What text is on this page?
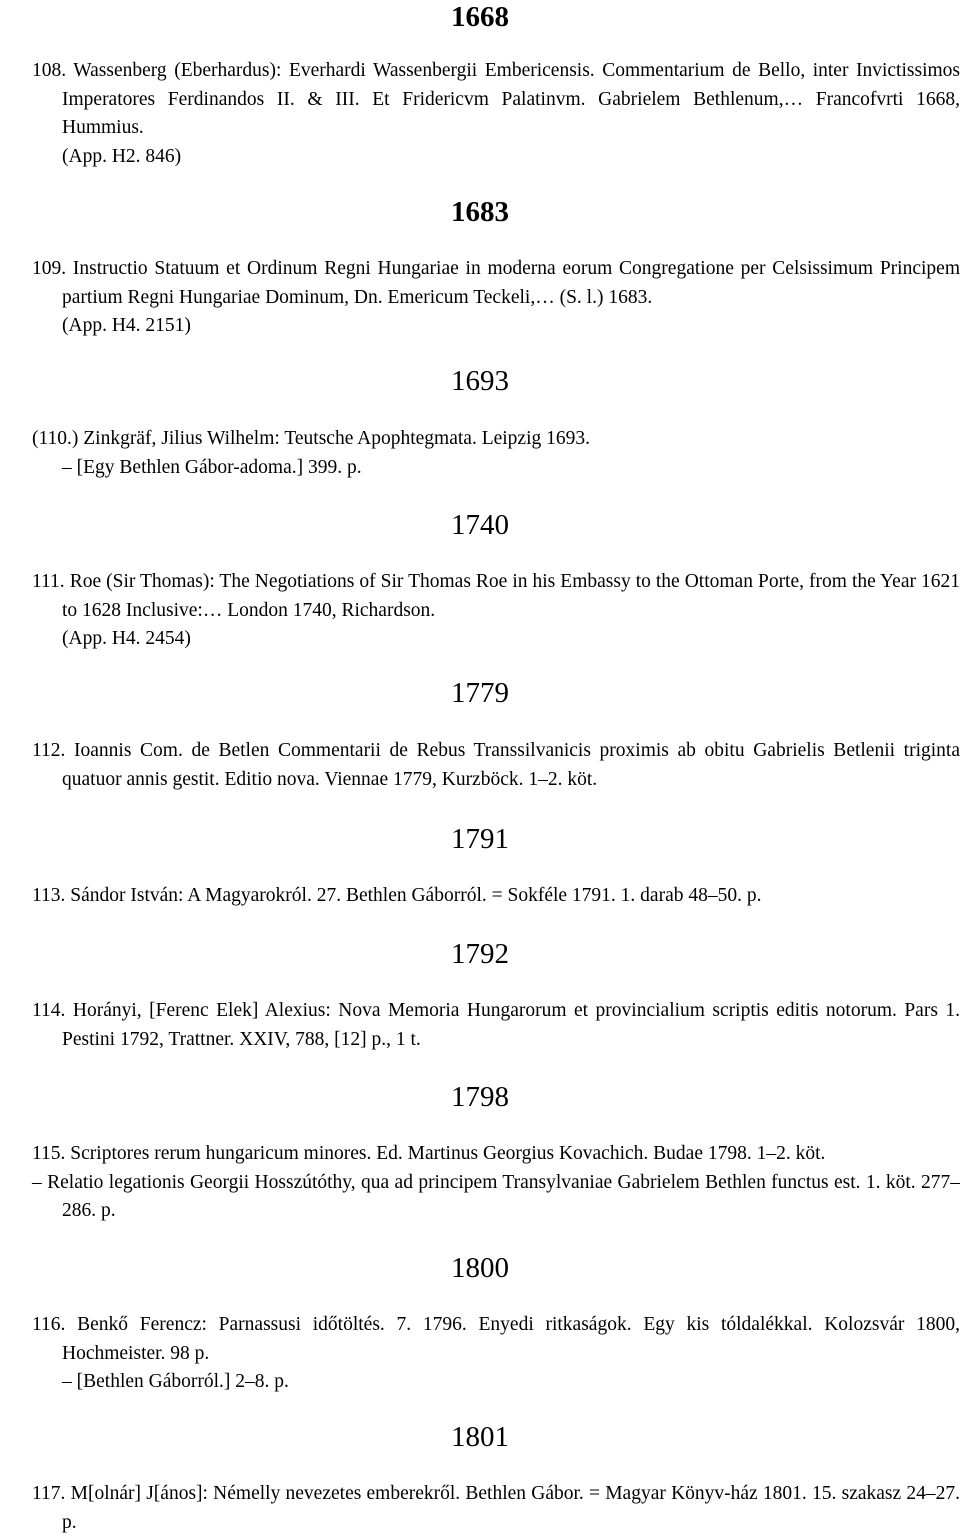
1668
108. Wassenberg (Eberhardus): Everhardi Wassenbergii Embericensis. Commentarium de Bello, inter Invictissimos Imperatores Ferdinandos II. & III. Et Fridericvm Palatinvm. Gabrielem Bethlenum,… Francofvrti 1668, Hummius.
(App. H2. 846)
1683
109. Instructio Statuum et Ordinum Regni Hungariae in moderna eorum Congregatione per Celsissimum Principem partium Regni Hungariae Dominum, Dn. Emericum Teckeli,… (S. l.) 1683.
(App. H4. 2151)
1693
(110.) Zinkgräf, Jilius Wilhelm: Teutsche Apophtegmata. Leipzig 1693.
– [Egy Bethlen Gábor-adoma.] 399. p.
1740
111. Roe (Sir Thomas): The Negotiations of Sir Thomas Roe in his Embassy to the Ottoman Porte, from the Year 1621 to 1628 Inclusive:… London 1740, Richardson.
(App. H4. 2454)
1779
112. Ioannis Com. de Betlen Commentarii de Rebus Transsilvanicis proximis ab obitu Gabrielis Betlenii triginta quatuor annis gestit. Editio nova. Viennae 1779, Kurzböck. 1–2. köt.
1791
113. Sándor István: A Magyarokról. 27. Bethlen Gáborról. = Sokféle 1791. 1. darab 48–50. p.
1792
114. Horányi, [Ferenc Elek] Alexius: Nova Memoria Hungarorum et provincialium scriptis editis notorum. Pars 1. Pestini 1792, Trattner. XXIV, 788, [12] p., 1 t.
1798
115. Scriptores rerum hungaricum minores. Ed. Martinus Georgius Kovachich. Budae 1798. 1–2. köt.
– Relatio legationis Georgii Hosszútóthy, qua ad principem Transylvaniae Gabrielem Bethlen functus est. 1. köt. 277–286. p.
1800
116. Benkő Ferencz: Parnassusi időtöltés. 7. 1796. Enyedi ritkaságok. Egy kis tóldalékkal. Kolozsvár 1800, Hochmeister. 98 p.
– [Bethlen Gáborról.] 2–8. p.
1801
117. M[olnár] J[ános]: Némelly nevezetes emberekről. Bethlen Gábor. = Magyar Könyv-ház 1801. 15. szakasz 24–27. p.
